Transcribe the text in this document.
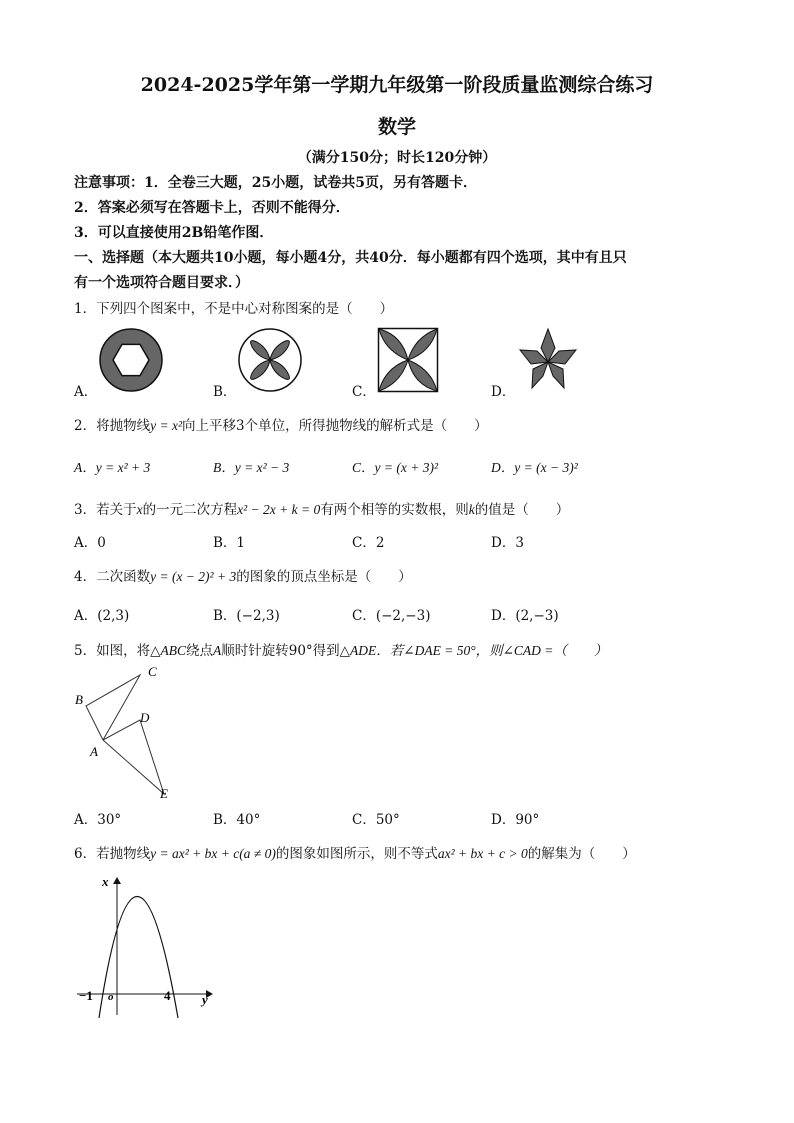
2024-2025学年第一学期九年级第一阶段质量监测综合练习
数学
（满分150分；时长120分钟）
注意事项：1．全卷三大题，25小题，试卷共5页，另有答题卡．
2．答案必须写在答题卡上，否则不能得分．
3．可以直接使用2B铅笔作图．
一、选择题（本大题共10小题，每小题4分，共40分．每小题都有四个选项，其中有且只
有一个选项符合题目要求．）
1．下列四个图案中，不是中心对称图案的是（　　）
A．	B．	C．	D．
2．将抛物线y = x²向上平移3个单位，所得抛物线的解析式是（　　）
A．y = x² + 3	B．y = x² − 3	C．y = (x + 3)²	D．y = (x − 3)²
3．若关于x的一元二次方程x² − 2x + k = 0有两个相等的实数根，则k的值是（　　）
A．0	B．1	C．2	D．3
4．二次函数y = (x − 2)² + 3的图象的顶点坐标是（　　）
A．(2,3)	B．(−2,3)	C．(−2,−3)	D．(2,−3)
5．如图，将△ABC绕点A顺时针旋转90°得到△ADE．若∠DAE = 50°，则∠CAD =（　　）
C
B
D
A
E
A．30°	B．40°	C．50°	D．90°
6．若抛物线y = ax² + bx + c(a ≠ 0)的图象如图所示，则不等式ax² + bx + c > 0的解集为（　　）
x
y
o
−1	4
